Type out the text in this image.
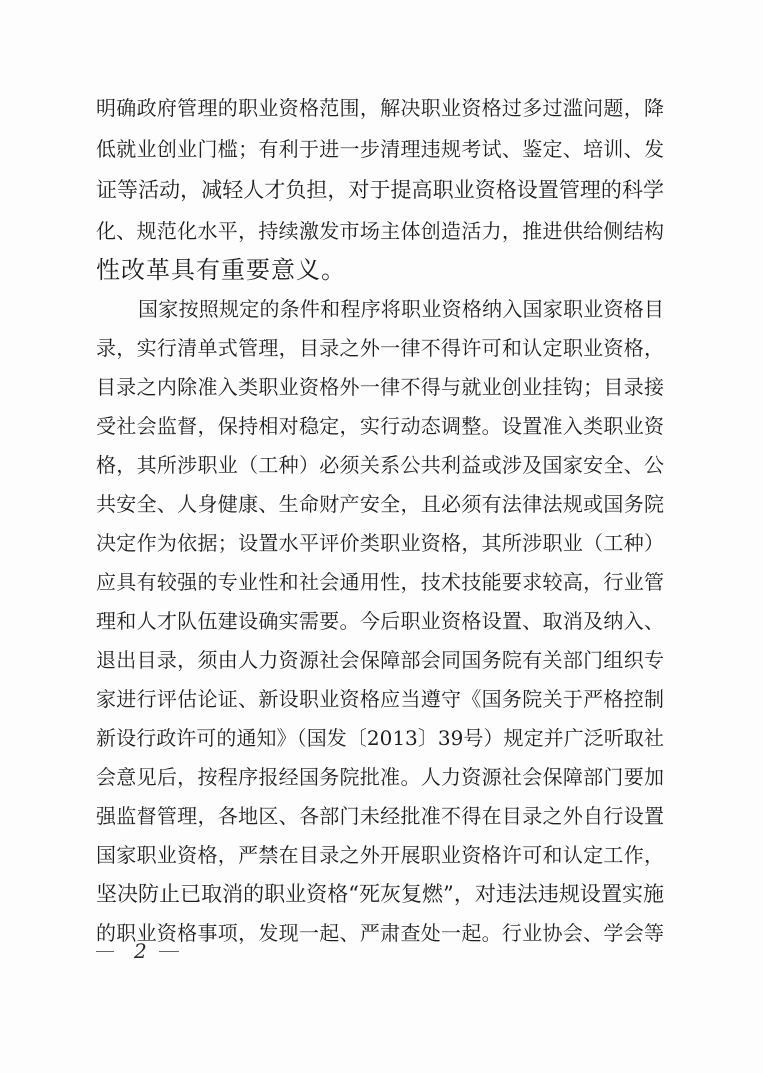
明确政府管理的职业资格范围，解决职业资格过多过滥问题，降
低就业创业门槛；有利于进一步清理违规考试、鉴定、培训、发
证等活动，减轻人才负担，对于提高职业资格设置管理的科学
化、规范化水平，持续激发市场主体创造活力，推进供给侧结构
性改革具有重要意义。
国家按照规定的条件和程序将职业资格纳入国家职业资格目
录，实行清单式管理，目录之外一律不得许可和认定职业资格，
目录之内除准入类职业资格外一律不得与就业创业挂钩；目录接
受社会监督，保持相对稳定，实行动态调整。设置准入类职业资
格，其所涉职业（工种）必须关系公共利益或涉及国家安全、公
共安全、人身健康、生命财产安全，且必须有法律法规或国务院
决定作为依据；设置水平评价类职业资格，其所涉职业（工种）
应具有较强的专业性和社会通用性，技术技能要求较高，行业管
理和人才队伍建设确实需要。今后职业资格设置、取消及纳入、
退出目录，须由人力资源社会保障部会同国务院有关部门组织专
家进行评估论证、新设职业资格应当遵守《国务院关于严格控制
新设行政许可的通知》（国发〔2013〕39号）规定并广泛听取社
会意见后，按程序报经国务院批准。人力资源社会保障部门要加
强监督管理，各地区、各部门未经批准不得在目录之外自行设置
国家职业资格，严禁在目录之外开展职业资格许可和认定工作，
坚决防止已取消的职业资格“死灰复燃”，对违法违规设置实施
的职业资格事项，发现一起、严肃查处一起。行业协会、学会等
2
